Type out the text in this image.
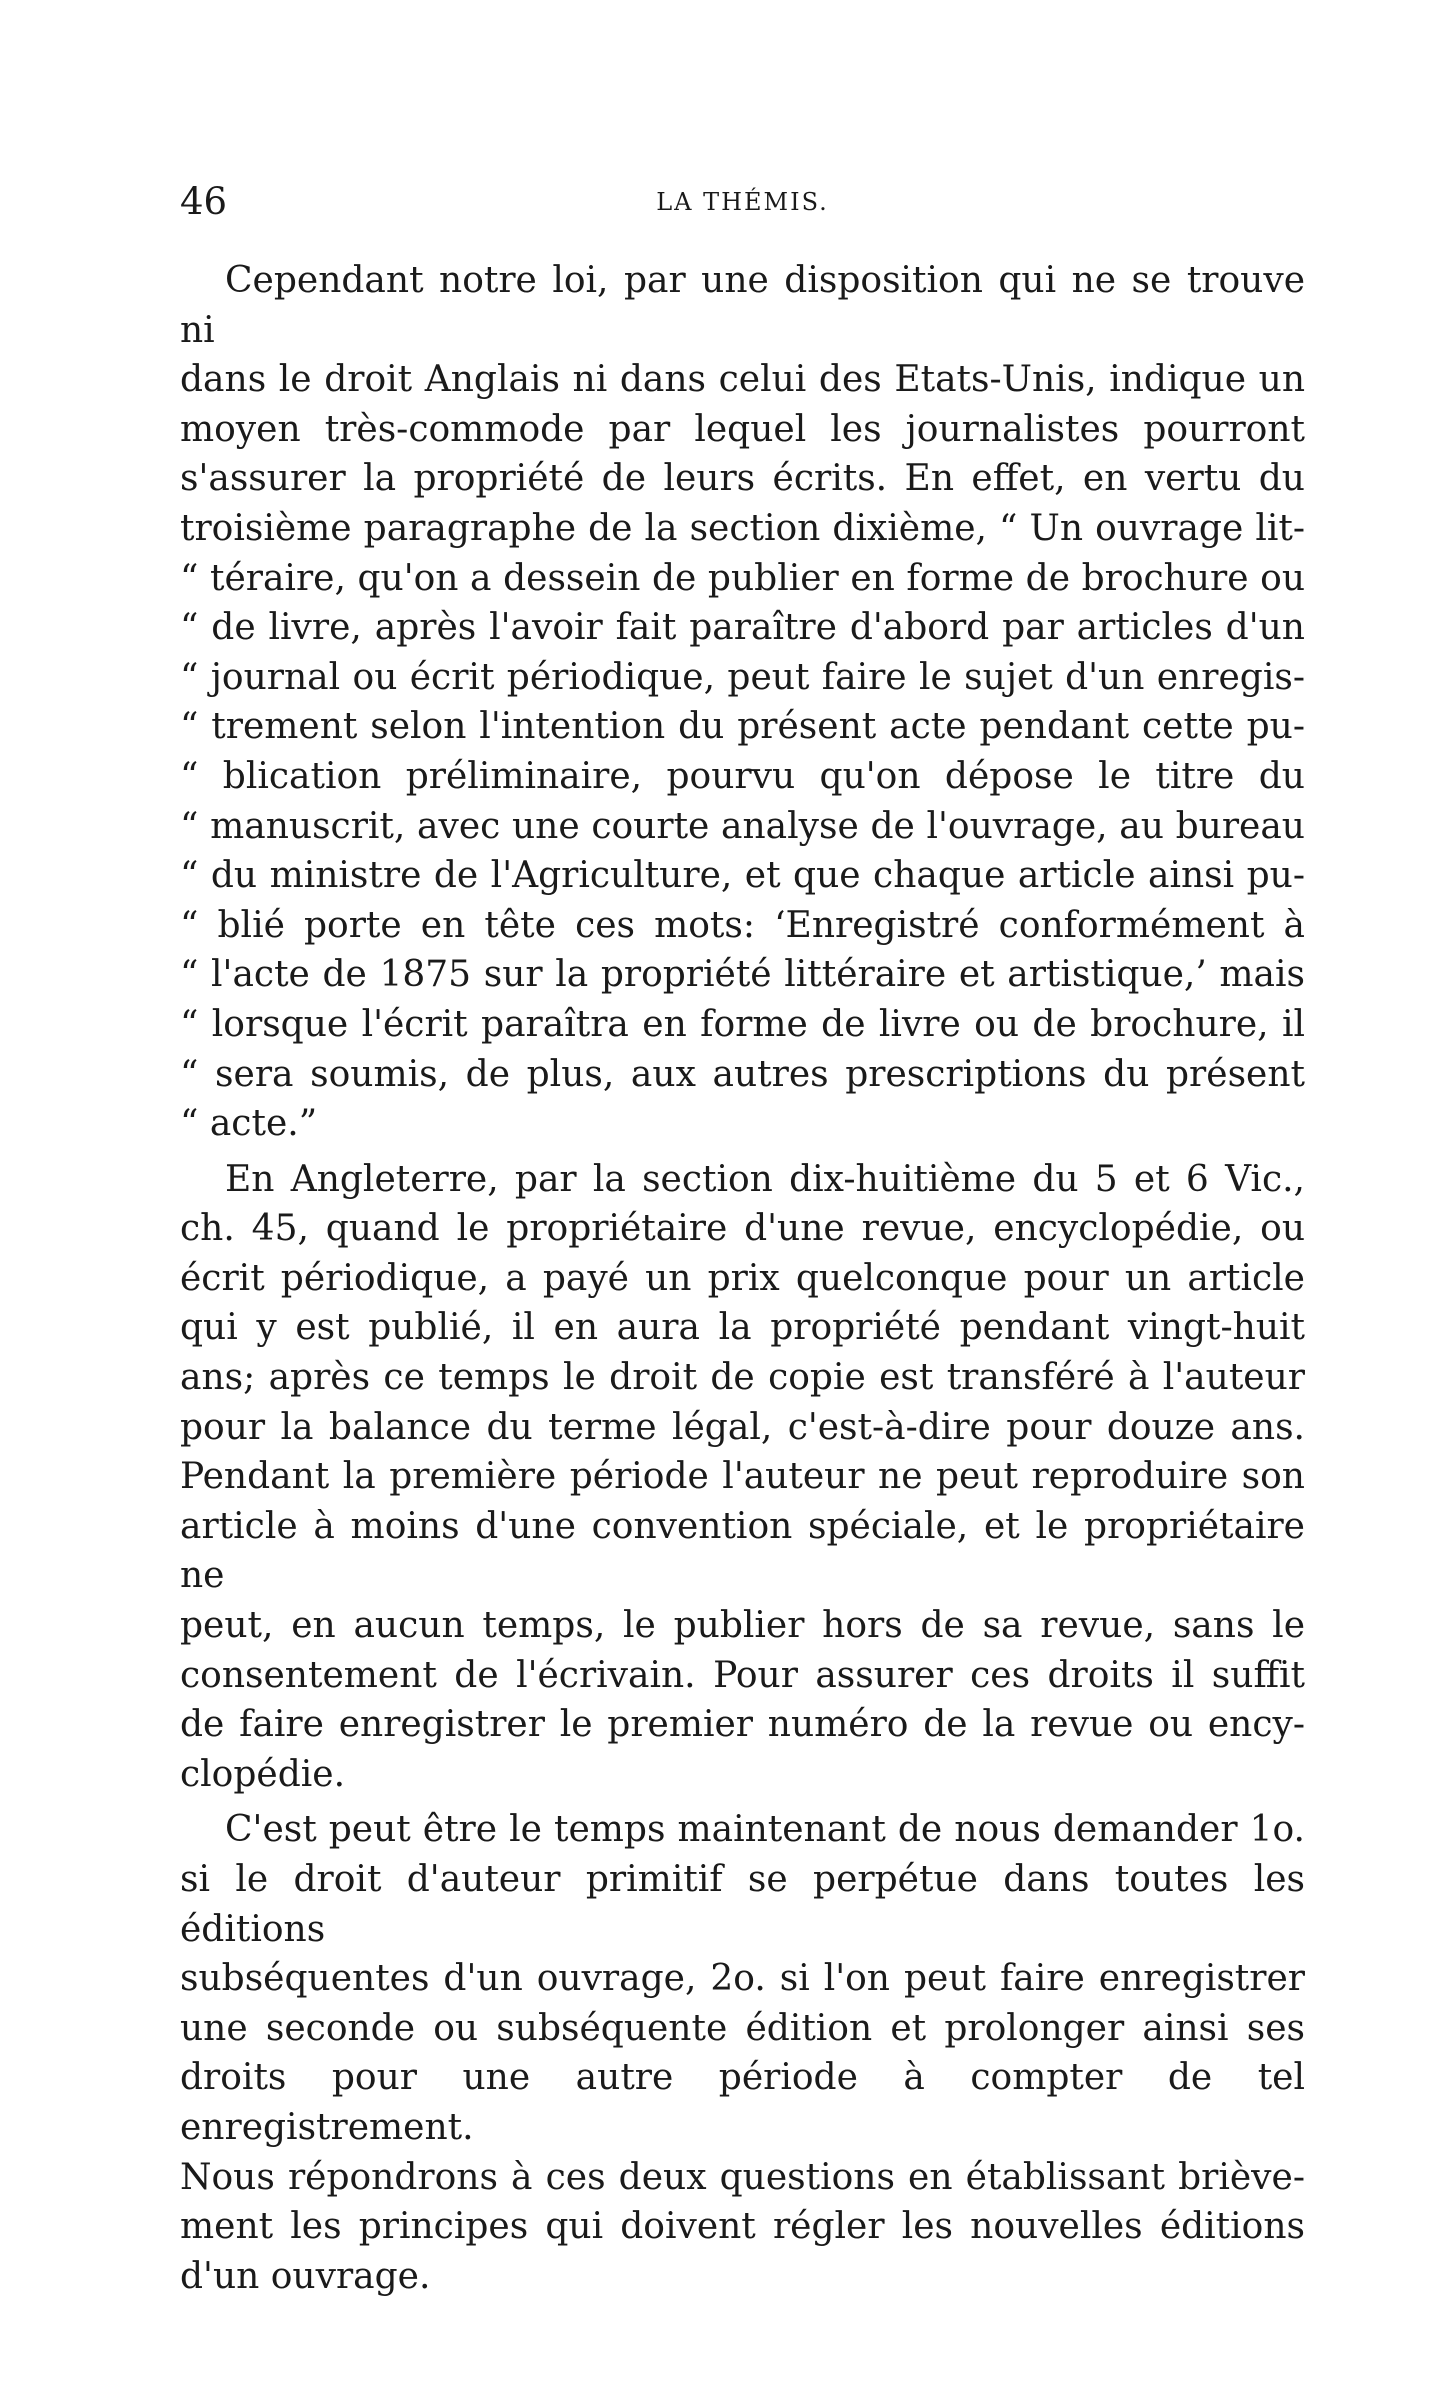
46	LA THÉMIS.

Cependant notre loi, par une disposition qui ne se trouve ni

dans le droit Anglais ni dans celui des Etats-Unis, indique un

moyen très-commode par lequel les journalistes pourront

s'assurer la propriété de leurs écrits. En effet, en vertu du

troisième paragraphe de la section dixième, “ Un ouvrage lit-

“ téraire, qu'on a dessein de publier en forme de brochure ou

“ de livre, après l'avoir fait paraître d'abord par articles d'un

“ journal ou écrit périodique, peut faire le sujet d'un enregis-

“ trement selon l'intention du présent acte pendant cette pu-

“ blication préliminaire, pourvu qu'on dépose le titre du

“ manuscrit, avec une courte analyse de l'ouvrage, au bureau

“ du ministre de l'Agriculture, et que chaque article ainsi pu-

“ blié porte en tête ces mots: ‘Enregistré conformément à

“ l'acte de 1875 sur la propriété littéraire et artistique,’ mais

“ lorsque l'écrit paraîtra en forme de livre ou de brochure, il

“ sera soumis, de plus, aux autres prescriptions du présent

“ acte.”

En Angleterre, par la section dix-huitième du 5 et 6 Vic.,

ch. 45, quand le propriétaire d'une revue, encyclopédie, ou

écrit périodique, a payé un prix quelconque pour un article

qui y est publié, il en aura la propriété pendant vingt-huit

ans; après ce temps le droit de copie est transféré à l'auteur

pour la balance du terme légal, c'est-à-dire pour douze ans.

Pendant la première période l'auteur ne peut reproduire son

article à moins d'une convention spéciale, et le propriétaire ne

peut, en aucun temps, le publier hors de sa revue, sans le

consentement de l'écrivain. Pour assurer ces droits il suffit

de faire enregistrer le premier numéro de la revue ou ency-

clopédie.

C'est peut être le temps maintenant de nous demander 1o.

si le droit d'auteur primitif se perpétue dans toutes les éditions

subséquentes d'un ouvrage, 2o. si l'on peut faire enregistrer

une seconde ou subséquente édition et prolonger ainsi ses

droits pour une autre période à compter de tel enregistrement.

Nous répondrons à ces deux questions en établissant briève-

ment les principes qui doivent régler les nouvelles éditions

d'un ouvrage.
